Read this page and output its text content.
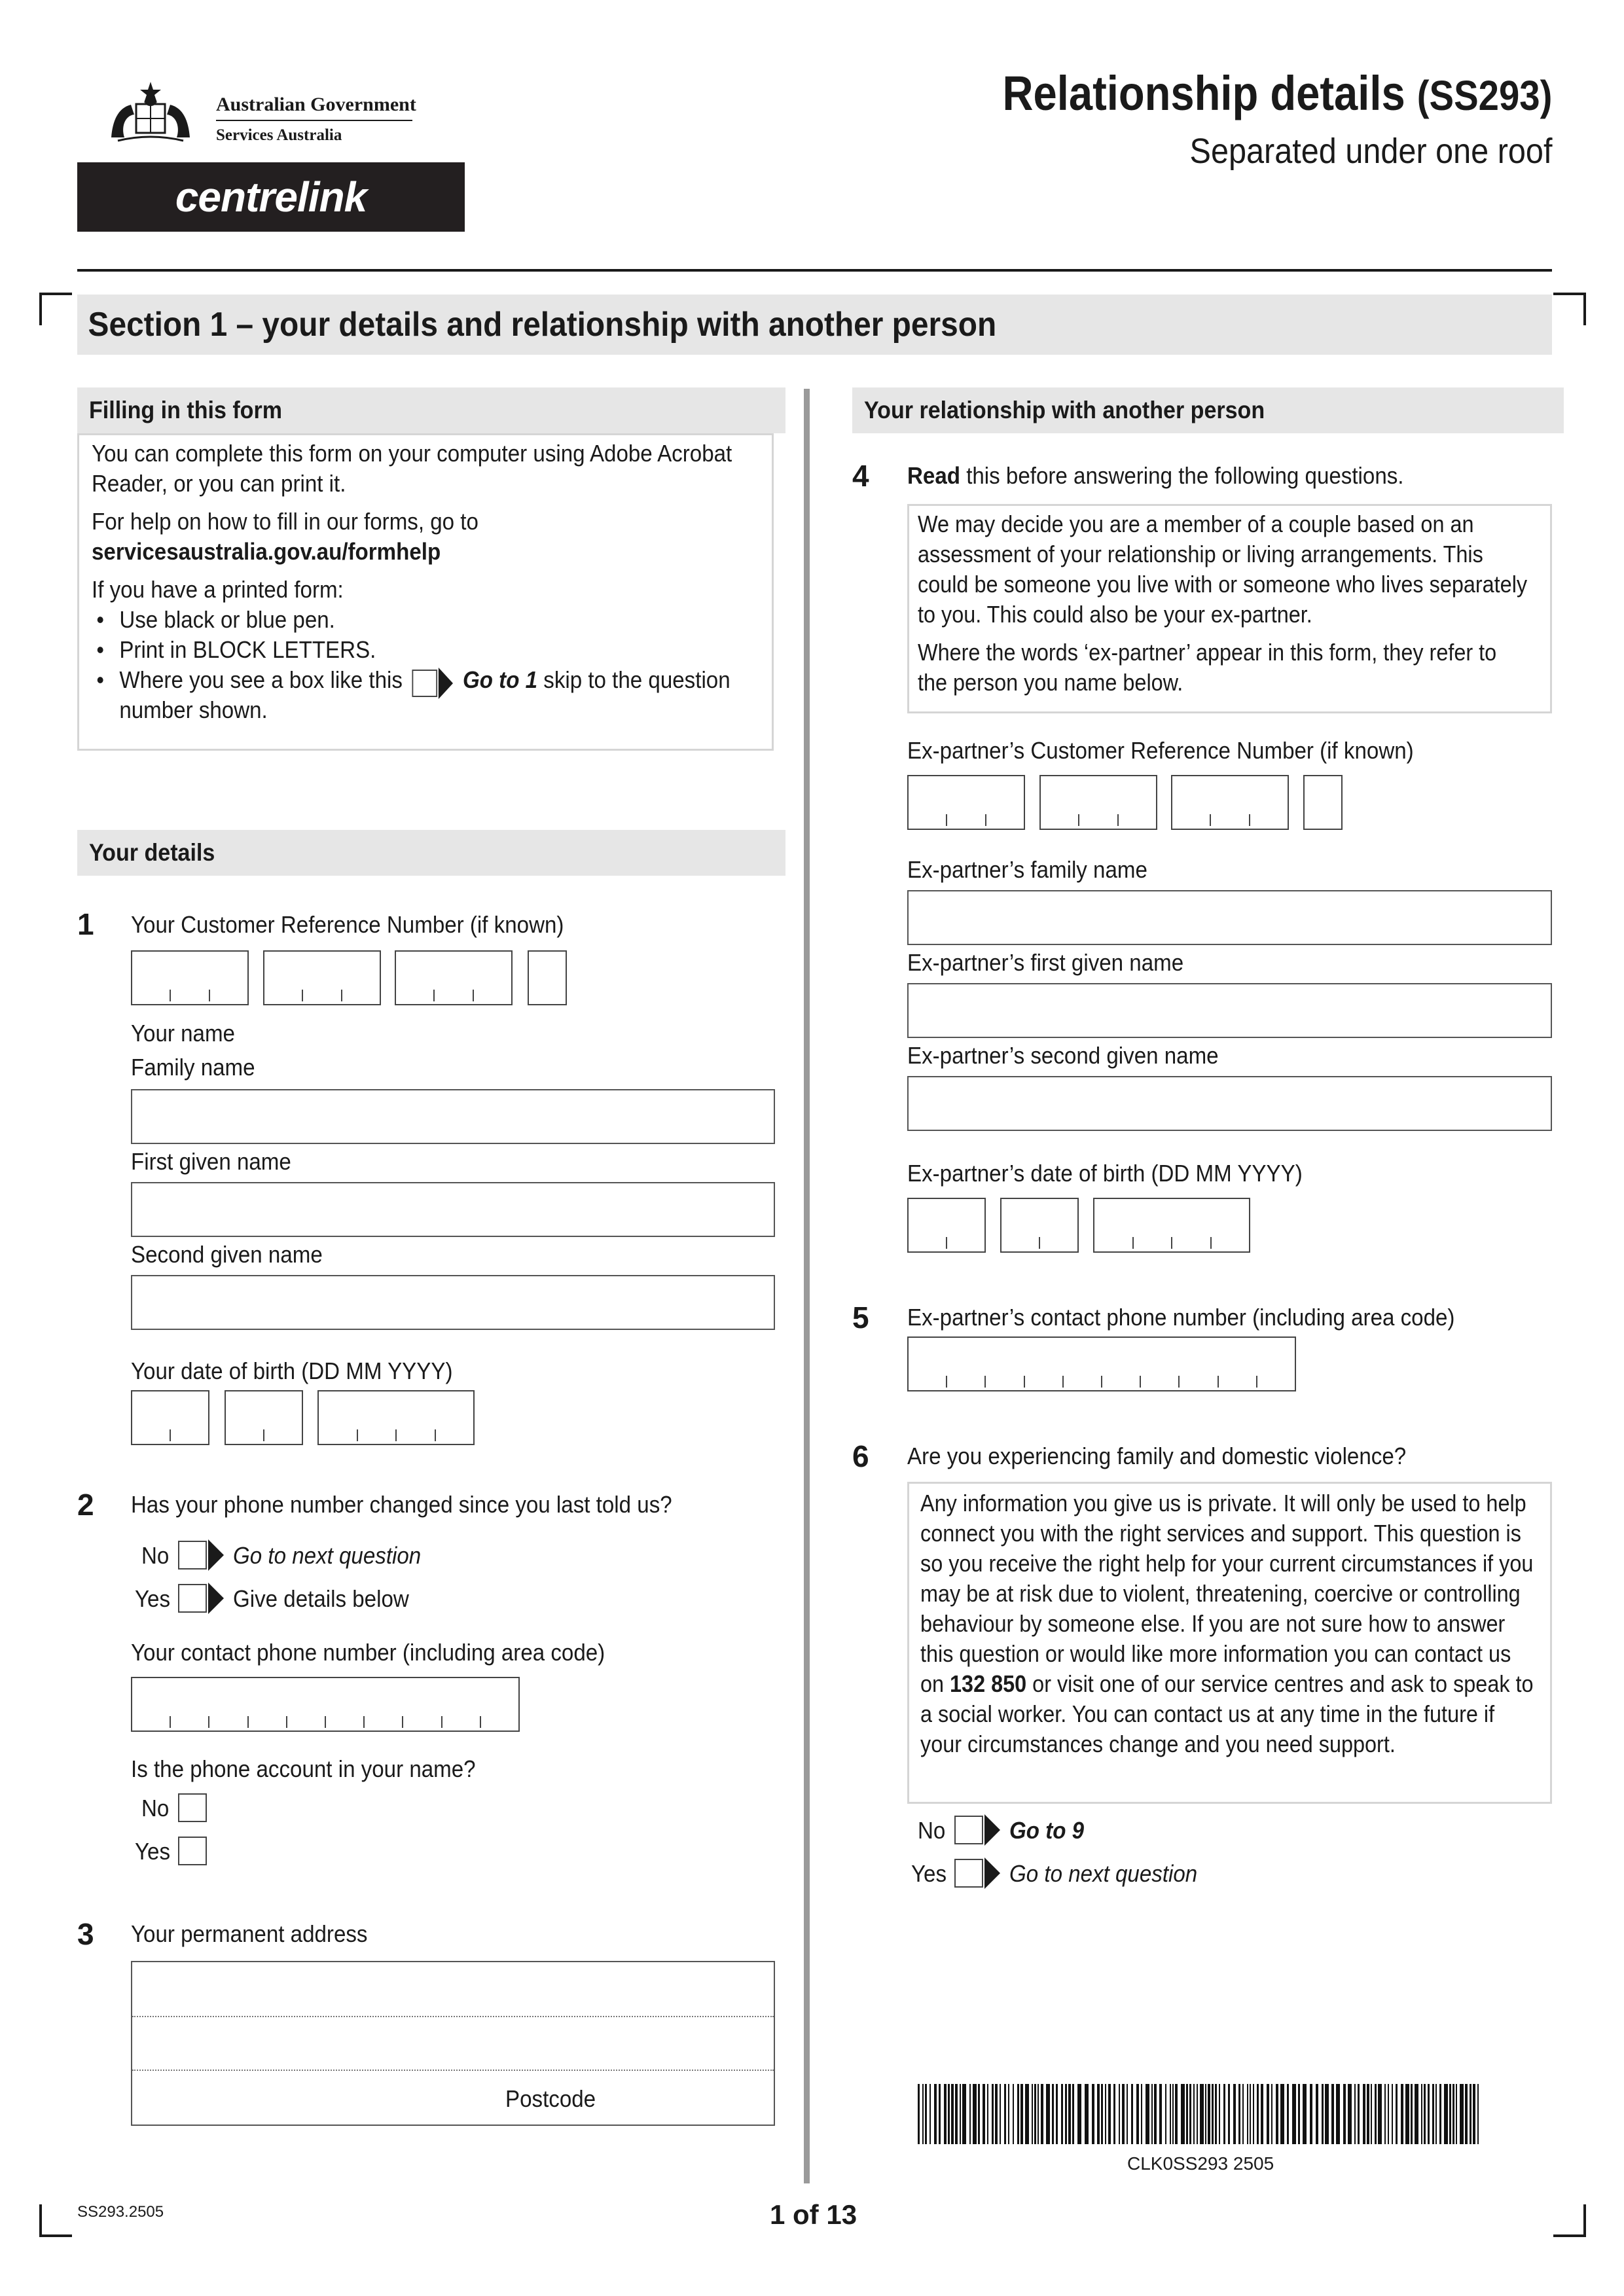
Australian Government
Services Australia
centrelink
Relationship details (SS293)
Separated under one roof
Section 1 – your details and relationship with another person
Filling in this form
You can complete this form on your computer using Adobe Acrobat Reader, or you can print it.
For help on how to fill in our forms, go to
servicesaustralia.gov.au/formhelp
If you have a printed form:
• Use black or blue pen.
• Print in BLOCK LETTERS.
• Where you see a box like this	Go to 1 skip to the question
number shown.
Your details
1 Your Customer Reference Number (if known)
Your name
Family name
First given name
Second given name
Your date of birth (DD MM YYYY)
2 Has your phone number changed since you last told us?
No	Go to next question
Yes	Give details below
Your contact phone number (including area code)
Is the phone account in your name?
No
Yes
3 Your permanent address
Postcode
Your relationship with another person
4 Read this before answering the following questions.
We may decide you are a member of a couple based on an assessment of your relationship or living arrangements. This could be someone you live with or someone who lives separately to you. This could also be your ex-partner.
Where the words ‘ex-partner’ appear in this form, they refer to the person you name below.
Ex-partner’s Customer Reference Number (if known)
Ex-partner’s family name
Ex-partner’s first given name
Ex-partner’s second given name
Ex-partner’s date of birth (DD MM YYYY)
5 Ex-partner’s contact phone number (including area code)
6 Are you experiencing family and domestic violence?
Any information you give us is private. It will only be used to help connect you with the right services and support. This question is so you receive the right help for your current circumstances if you may be at risk due to violent, threatening, coercive or controlling behaviour by someone else. If you are not sure how to answer this question or would like more information you can contact us on 132 850 or visit one of our service centres and ask to speak to a social worker. You can contact us at any time in the future if your circumstances change and you need support.
No	Go to 9
Yes	Go to next question
CLK0SS293 2505
SS293.2505	1 of 13
